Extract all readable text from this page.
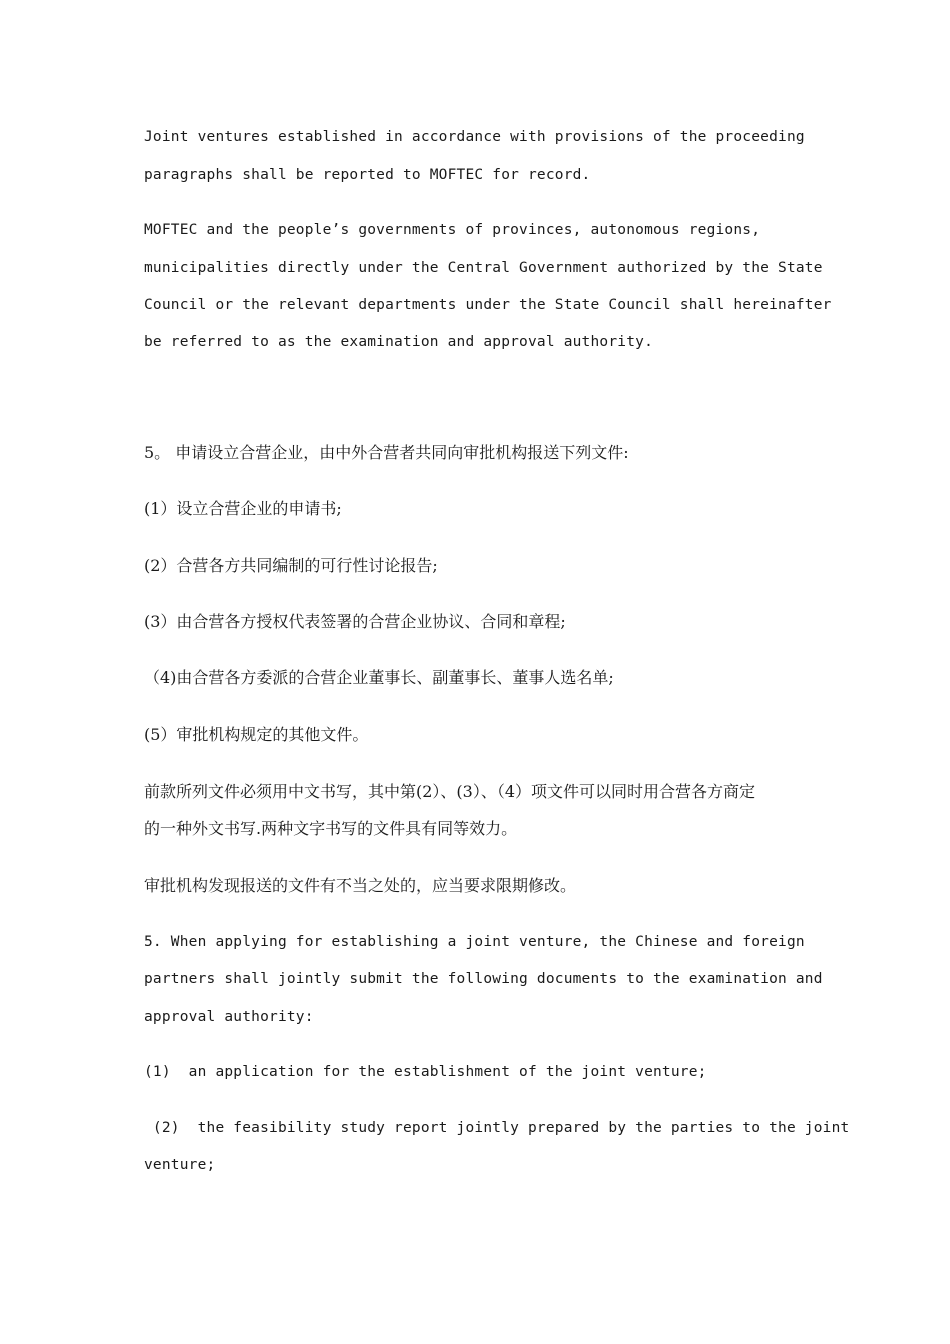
Joint ventures established in accordance with provisions of the proceeding
paragraphs shall be reported to MOFTEC for record.
MOFTEC and the people’s governments of provinces, autonomous regions,
municipalities directly under the Central Government authorized by the State
Council or the relevant departments under the State Council shall hereinafter
be referred to as the examination and approval authority.
5。 申请设立合营企业，由中外合营者共同向审批机构报送下列文件:
(1）设立合营企业的申请书;
(2）合营各方共同编制的可行性讨论报告;
(3）由合营各方授权代表签署的合营企业协议、合同和章程;
（4)由合营各方委派的合营企业董事长、副董事长、董事人选名单;
(5）审批机构规定的其他文件。
前款所列文件必须用中文书写，其中第(2）、(3）、（4）项文件可以同时用合营各方商定
的一种外文书写.两种文字书写的文件具有同等效力。
审批机构发现报送的文件有不当之处的，应当要求限期修改。
5. When applying for establishing a joint venture, the Chinese and foreign
partners shall jointly submit the following documents to the examination and
approval authority:
(1)  an application for the establishment of the joint venture;
(2)  the feasibility study report jointly prepared by the parties to the joint
venture;
